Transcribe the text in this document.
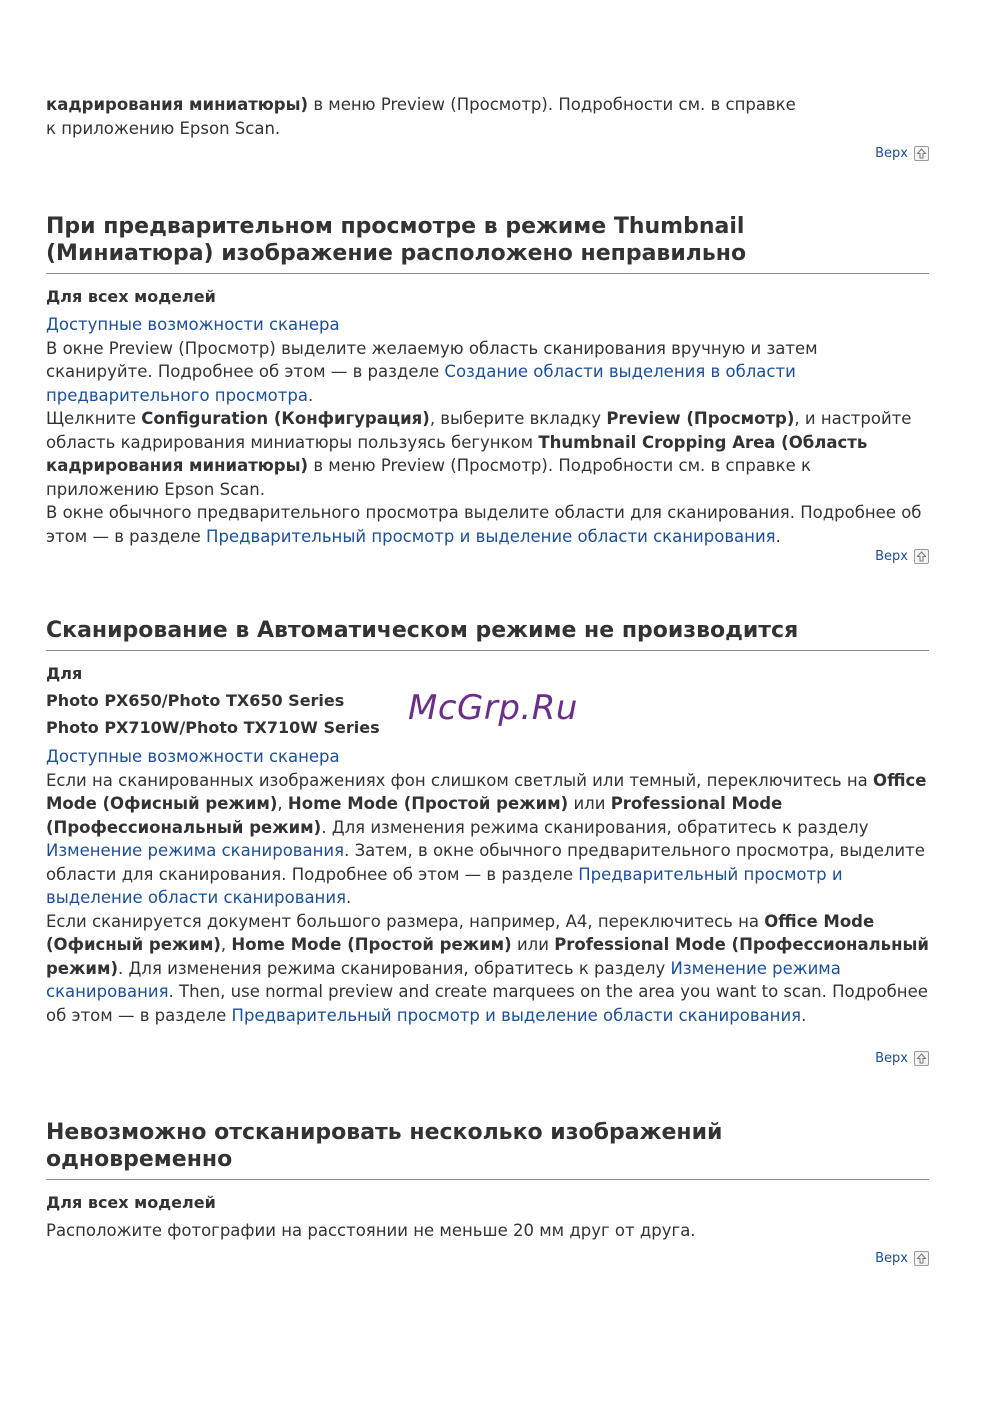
кадрирования миниатюры) в меню Preview (Просмотр). Подробности см. в справке

к приложению Epson Scan.

Верх
При предварительном просмотре в режиме Thumbnail
(Миниатюра) изображение расположено неправильно

Для всех моделей

Доступные возможности сканера

В окне Preview (Просмотр) выделите желаемую область сканирования вручную и затем сканируйте. Подробнее об этом — в разделе Создание области выделения в области предварительного просмотра.

Щелкните Configuration (Конфигурация), выберите вкладку Preview (Просмотр), и настройте область кадрирования миниатюры пользуясь бегунком Thumbnail Cropping Area (Область кадрирования миниатюры) в меню Preview (Просмотр). Подробности см. в справке к приложению Epson Scan.

В окне обычного предварительного просмотра выделите области для сканирования. Подробнее об этом — в разделе Предварительный просмотр и выделение области сканирования.

Верх
Сканирование в Автоматическом режиме не производится

Для

Photo PX650/Photo TX650 Series

Photo PX710W/Photo TX710W Series

Доступные возможности сканера

Если на сканированных изображениях фон слишком светлый или темный, переключитесь на Office Mode (Офисный режим), Home Mode (Простой режим) или Professional Mode (Профессиональный режим). Для изменения режима сканирования, обратитесь к разделу Изменение режима сканирования. Затем, в окне обычного предварительного просмотра, выделите области для сканирования. Подробнее об этом — в разделе Предварительный просмотр и выделение области сканирования.

Если сканируется документ большого размера, например, A4, переключитесь на Office Mode (Офисный режим), Home Mode (Простой режим) или Professional Mode (Профессиональный режим). Для изменения режима сканирования, обратитесь к разделу Изменение режима сканирования. Then, use normal preview and create marquees on the area you want to scan. Подробнее об этом — в разделе Предварительный просмотр и выделение области сканирования.

Верх
Невозможно отсканировать несколько изображений
одновременно

Для всех моделей

Расположите фотографии на расстоянии не меньше 20 мм друг от друга.

Верх
McGrp.Ru
